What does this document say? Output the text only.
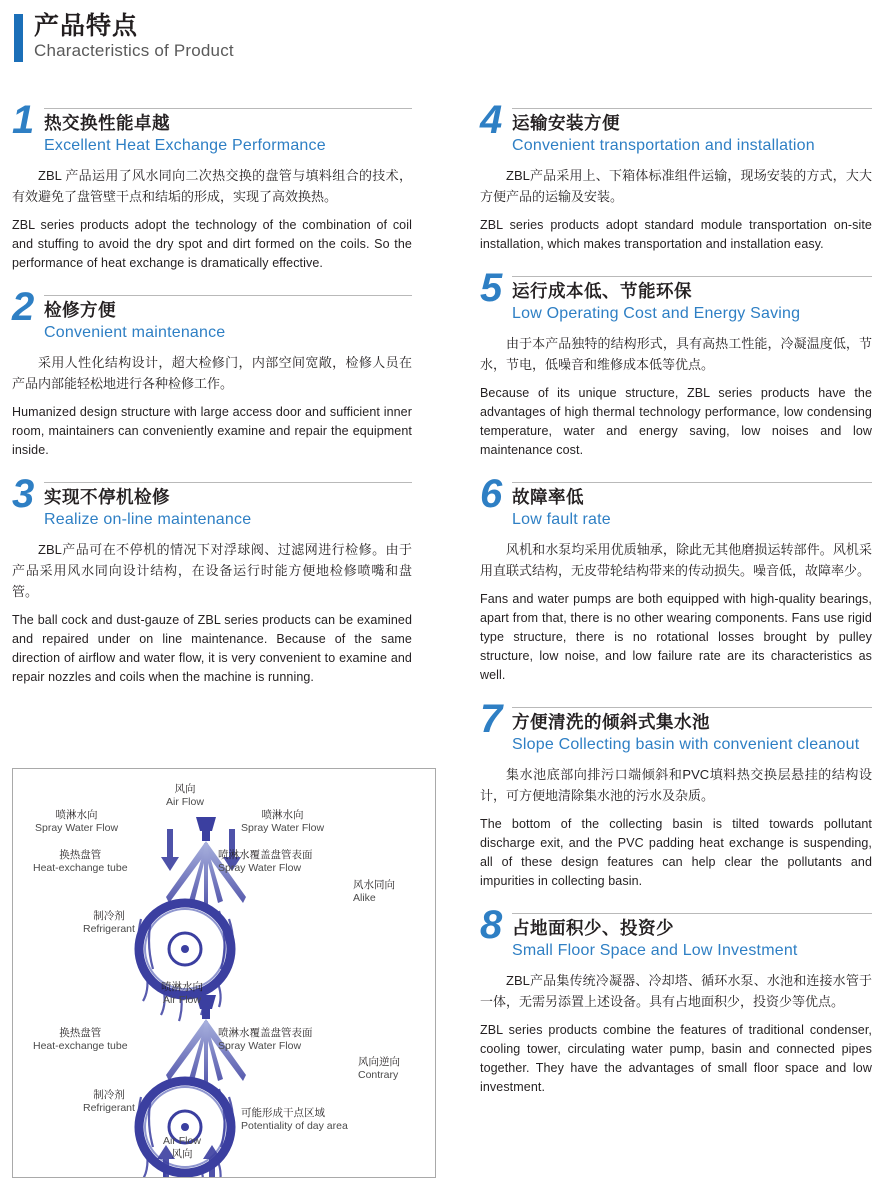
产品特点
Characteristics of Product
1 热交换性能卓越
Excellent Heat Exchange Performance
ZBL 产品运用了风水同向二次热交换的盘管与填料组合的技术，有效避免了盘管壁干点和结垢的形成，实现了高效换热。
ZBL series products adopt the technology of the combination of coil and stuffing to avoid the dry spot and dirt formed on the coils. So the performance of heat exchange is dramatically effective.
2 检修方便
Convenient maintenance
采用人性化结构设计，超大检修门，内部空间宽敞，检修人员在产品内部能轻松地进行各种检修工作。
Humanized design structure with large access door and sufficient inner room, maintainers can conveniently examine and repair the equipment inside.
3 实现不停机检修
Realize on-line maintenance
ZBL产品可在不停机的情况下对浮球阀、过滤网进行检修。由于产品采用风水同向设计结构，在设备运行时能方便地检修喷嘴和盘管。
The ball cock and dust-gauze of ZBL series products can be examined and repaired under on line maintenance. Because of the same direction of airflow and water flow, it is very convenient to examine and repair nozzles and coils when the machine is running.
4 运输安装方便
Convenient transportation and installation
ZBL产品采用上、下箱体标准组件运输，现场安装的方式，大大方便产品的运输及安装。
ZBL series products adopt standard module transportation on-site installation, which makes transportation and installation easy.
5 运行成本低、节能环保
Low Operating Cost and Energy Saving
由于本产品独特的结构形式，具有高热工性能，冷凝温度低，节水，节电，低噪音和维修成本低等优点。
Because of its unique structure, ZBL series products have the advantages of high thermal technology performance, low condensing temperature, water and energy saving, low noises and low maintenance cost.
6 故障率低
Low fault rate
风机和水泵均采用优质轴承，除此无其他磨损运转部件。风机采用直联式结构，无皮带轮结构带来的传动损失。噪音低，故障率少。
Fans and water pumps are both equipped with high-quality bearings, apart from that, there is no other wearing components. Fans use rigid type structure, there is no rotational losses brought by pulley structure, low noise, and low failure rate are its characteristics as well.
7 方便清洗的倾斜式集水池
Slope Collecting basin with convenient cleanout
集水池底部向排污口端倾斜和PVC填料热交换层悬挂的结构设计，可方便地清除集水池的污水及杂质。
The bottom of the collecting basin is tilted towards pollutant discharge exit, and the PVC padding heat exchange is suspending, all of these design features can help clear the pollutants and impurities in collecting basin.
8 占地面积少、投资少
Small Floor Space and Low Investment
ZBL产品集传统冷凝器、冷却塔、循环水泵、水池和连接水管于一体，无需另添置上述设备。具有占地面积少，投资少等优点。
ZBL series products combine the features of traditional condenser, cooling tower, circulating water pump, basin and connected pipes together. They have the advantages of small floor space and low investment.
风向
Air Flow
喷淋水向
Spray Water Flow
喷淋水向
Spray Water Flow
换热盘管
Heat-exchange tube
喷淋水覆盖盘管表面
Spray Water Flow
风水同向
Alike
制冷剂
Refrigerant
喷淋水向
Air Flow
换热盘管
Heat-exchange tube
喷淋水覆盖盘管表面
Spray Water Flow
风向逆向
Contrary
制冷剂
Refrigerant	可能形成干点区域
Potentiality of day area
Air Flow
风向
